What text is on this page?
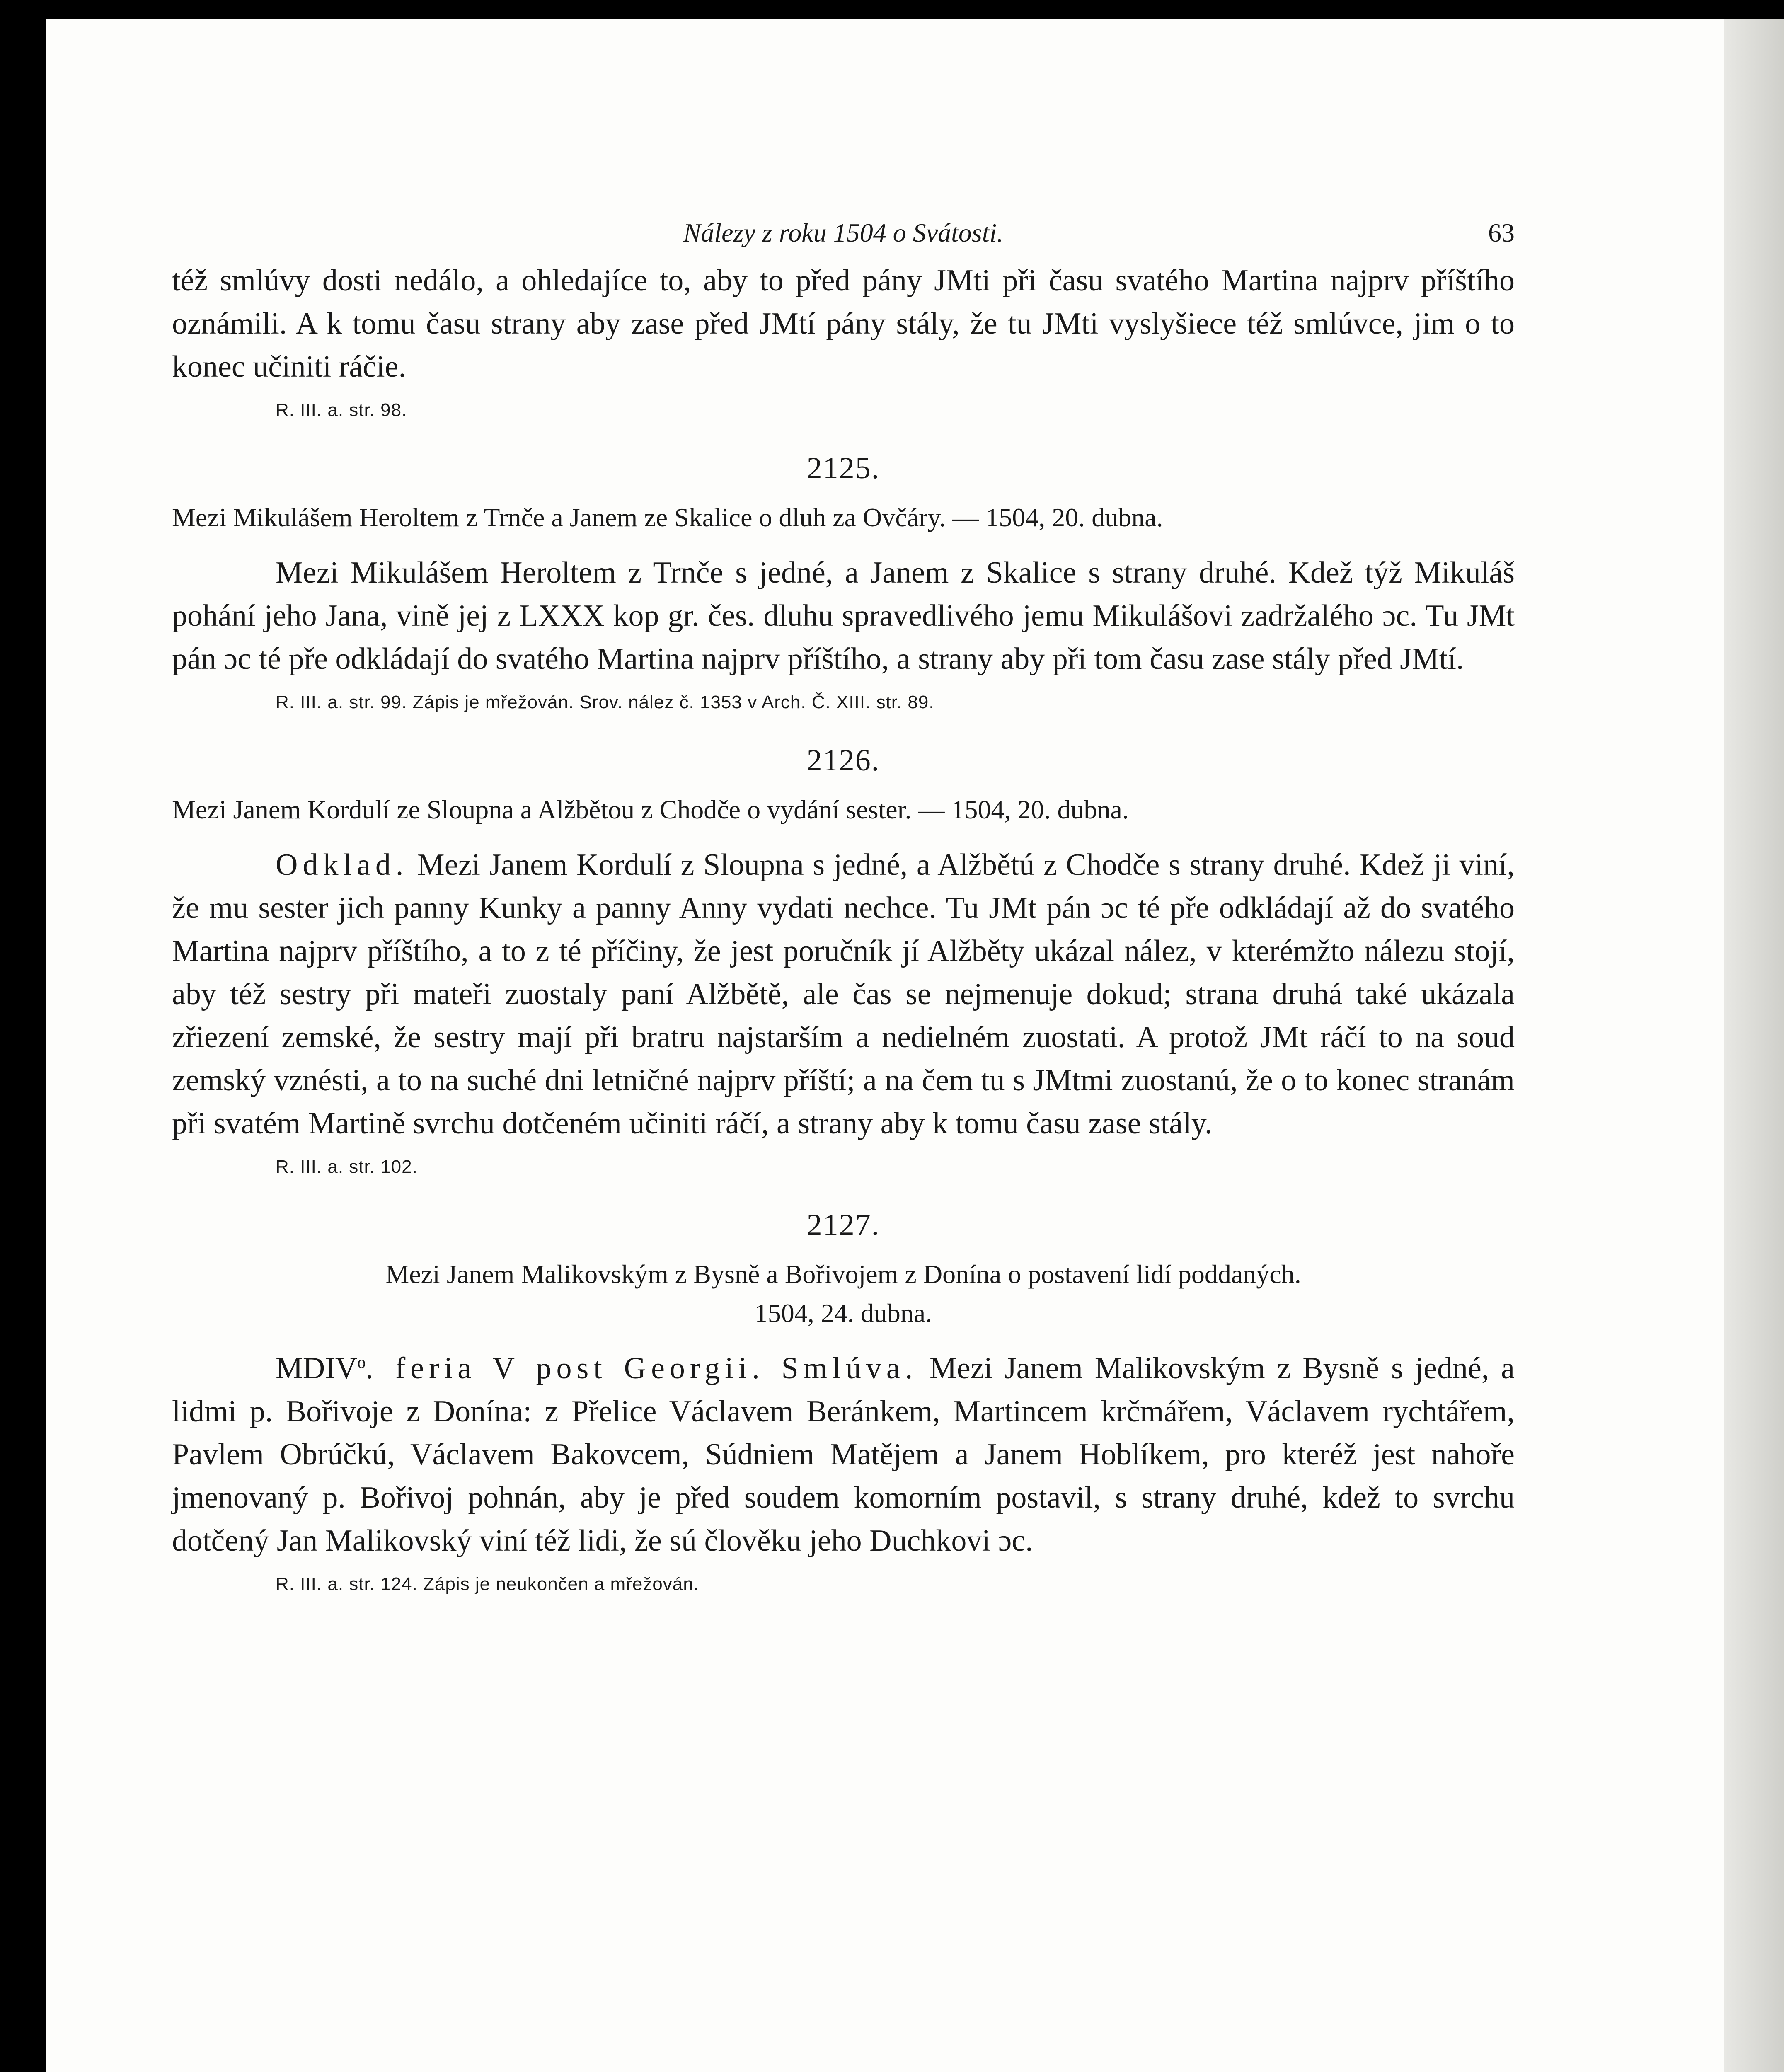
Nálezy z roku 1504 o Svátosti.	63

též smlúvy dosti nedálo, a ohledajíce to, aby to před pány JMti při času svatého Martina najprv příštího oznámili. A k tomu času strany aby zase před JMtí pány stály, že tu JMti vyslyšiece též smlúvce, jim o to konec učiniti ráčie.

R. III. a. str. 98.
2125.
Mezi Mikulášem Heroltem z Trnče a Janem ze Skalice o dluh za Ovčáry. — 1504, 20. dubna.

Mezi Mikulášem Heroltem z Trnče s jedné, a Janem z Skalice s strany druhé. Kdež týž Mikuláš pohání jeho Jana, vině jej z LXXX kop gr. čes. dluhu spravedlivého jemu Mikulášovi zadržalého ɔc. Tu JMt pán ɔc té pře odkládají do svatého Martina najprv příštího, a strany aby při tom času zase stály před JMtí.

R. III. a. str. 99. Zápis je mřežován. Srov. nález č. 1353 v Arch. Č. XIII. str. 89.
2126.
Mezi Janem Kordulí ze Sloupna a Alžbětou z Chodče o vydání sester. — 1504, 20. dubna.

Odklad. Mezi Janem Kordulí z Sloupna s jedné, a Alžbětú z Chodče s strany druhé. Kdež ji viní, že mu sester jich panny Kunky a panny Anny vydati nechce. Tu JMt pán ɔc té pře odkládají až do svatého Martina najprv příštího, a to z té příčiny, že jest poručník jí Alžběty ukázal nález, v kterémžto nálezu stojí, aby též sestry při mateři zuostaly paní Alžbětě, ale čas se nejmenuje dokud; strana druhá také ukázala zřiezení zemské, že sestry mají při bratru najstarším a nedielném zuostati. A protož JMt ráčí to na soud zemský vznésti, a to na suché dni letničné najprv příští; a na čem tu s JMtmi zuostanú, že o to konec stranám při svatém Martině svrchu dotčeném učiniti ráčí, a strany aby k tomu času zase stály.

R. III. a. str. 102.
2127.
Mezi Janem Malikovským z Bysně a Bořivojem z Donína o postavení lidí poddaných.
1504, 24. dubna.

MDIV$^o$. feria V post Georgii. Smlúva. Mezi Janem Malikovským z Bysně s jedné, a lidmi p. Bořivoje z Donína: z Přelice Václavem Beránkem, Martincem krčmářem, Václavem rychtářem, Pavlem Obrúčkú, Václavem Bakovcem, Súdniem Matějem a Janem Hoblíkem, pro kteréž jest nahoře jmenovaný p. Bořivoj pohnán, aby je před soudem komorním postavil, s strany druhé, kdež to svrchu dotčený Jan Malikovský viní též lidi, že sú člověku jeho Duchkovi ɔc.

R. III. a. str. 124. Zápis je neukončen a mřežován.
